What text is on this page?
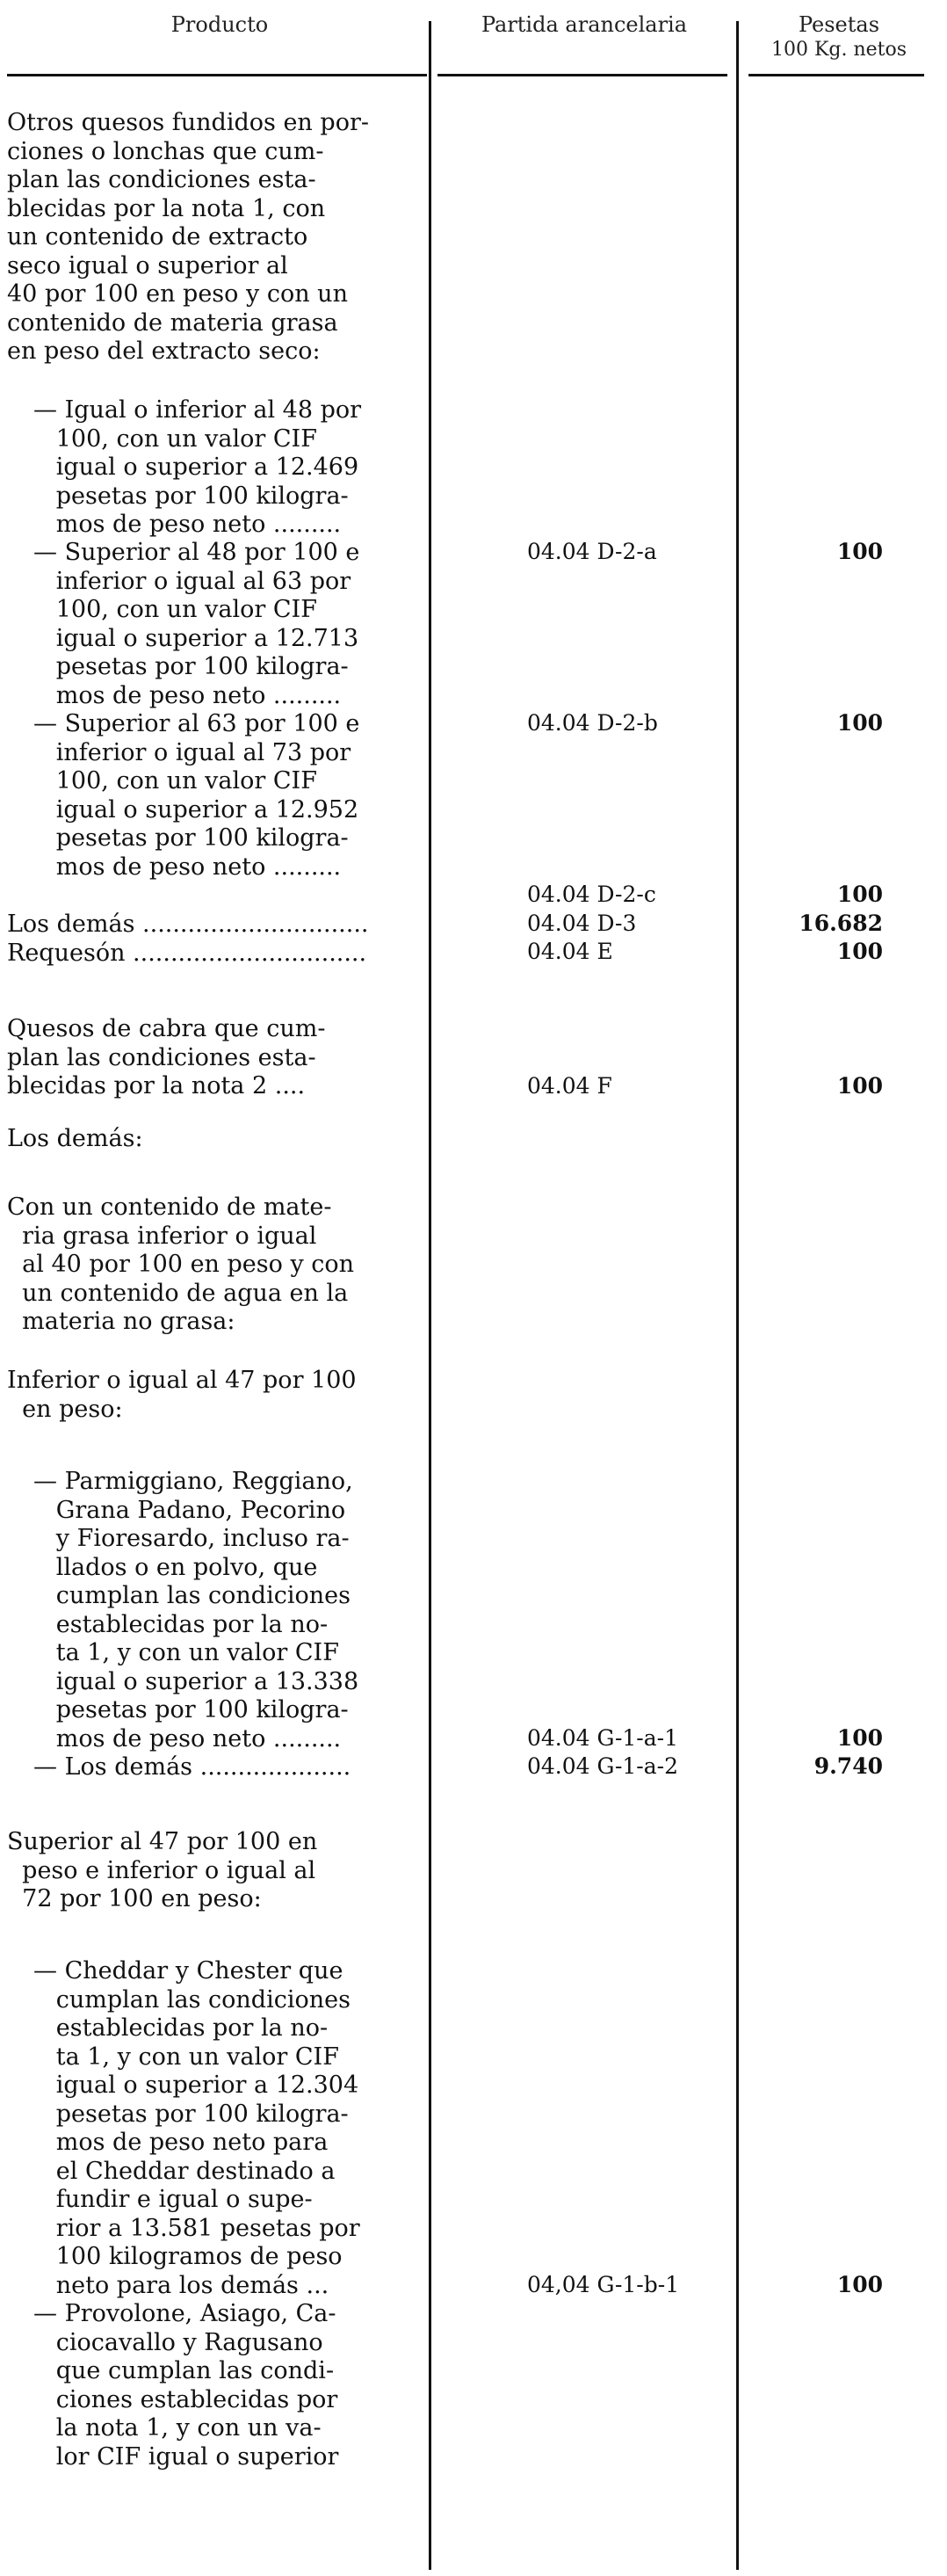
Producto	Partida arancelaria	Pesetas
100 Kg. netos
Otros quesos fundidos en por-
ciones o lonchas que cum-
plan las condiciones esta-
blecidas por la nota 1, con
un contenido de extracto
seco igual o superior al
40 por 100 en peso y con un
contenido de materia grasa
en peso del extracto seco:
— Igual o inferior al 48 por
100, con un valor CIF
igual o superior a 12.469
pesetas por 100 kilogra-
mos de peso neto .........
— Superior al 48 por 100 e
inferior o igual al 63 por
100, con un valor CIF
igual o superior a 12.713
pesetas por 100 kilogra-
mos de peso neto .........
— Superior al 63 por 100 e
inferior o igual al 73 por
100, con un valor CIF
igual o superior a 12.952
pesetas por 100 kilogra-
mos de peso neto .........
Los demás ..............................
Requesón ...............................
Quesos de cabra que cum-
plan las condiciones esta-
blecidas por la nota 2 ....
Los demás:
Con un contenido de mate-
ria grasa inferior o igual
al 40 por 100 en peso y con
un contenido de agua en la
materia no grasa:
Inferior o igual al 47 por 100
en peso:
— Parmiggiano, Reggiano,
Grana Padano, Pecorino
y Fioresardo, incluso ra-
llados o en polvo, que
cumplan las condiciones
establecidas por la no-
ta 1, y con un valor CIF
igual o superior a 13.338
pesetas por 100 kilogra-
mos de peso neto .........
— Los demás ....................
Superior al 47 por 100 en
peso e inferior o igual al
72 por 100 en peso:
— Cheddar y Chester que
cumplan las condiciones
establecidas por la no-
ta 1, y con un valor CIF
igual o superior a 12.304
pesetas por 100 kilogra-
mos de peso neto para
el Cheddar destinado a
fundir e igual o supe-
rior a 13.581 pesetas por
100 kilogramos de peso
neto para los demás ...
— Provolone, Asiago, Ca-
ciocavallo y Ragusano
que cumplan las condi-
ciones establecidas por
la nota 1, y con un va-
lor CIF igual o superior
04.04 D-2-a
04.04 D-2-b
04.04 D-2-c
04.04 D-3
04.04 E
04.04 F
04.04 G-1-a-1
04.04 G-1-a-2
04,04 G-1-b-1
100
100
100
16.682
100
100
100
9.740
100
